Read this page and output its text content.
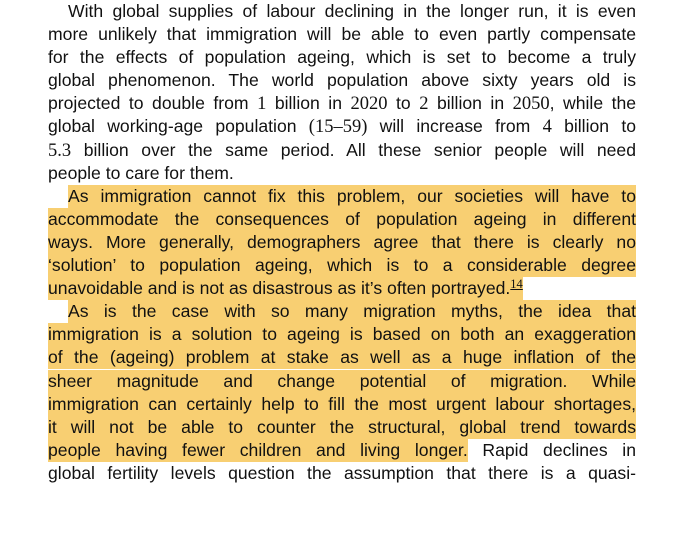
With global supplies of labour declining in the longer run, it is even
more unlikely that immigration will be able to even partly compensate
for the effects of population ageing, which is set to become a truly
global phenomenon. The world population above sixty years old is
projected to double from 1 billion in 2020 to 2 billion in 2050, while the
global working-age population (15–59) will increase from 4 billion to
5.3 billion over the same period. All these senior people will need
people to care for them.
As immigration cannot fix this problem, our societies will have to
accommodate the consequences of population ageing in different
ways. More generally, demographers agree that there is clearly no
‘solution’ to population ageing, which is to a considerable degree
unavoidable and is not as disastrous as it’s often portrayed.$^{14}$
As is the case with so many migration myths, the idea that
immigration is a solution to ageing is based on both an exaggeration
of the (ageing) problem at stake as well as a huge inflation of the
sheer magnitude and change potential of migration. While
immigration can certainly help to fill the most urgent labour shortages,
it will not be able to counter the structural, global trend towards
people having fewer children and living longer. Rapid declines in
global fertility levels question the assumption that there is a quasi-
